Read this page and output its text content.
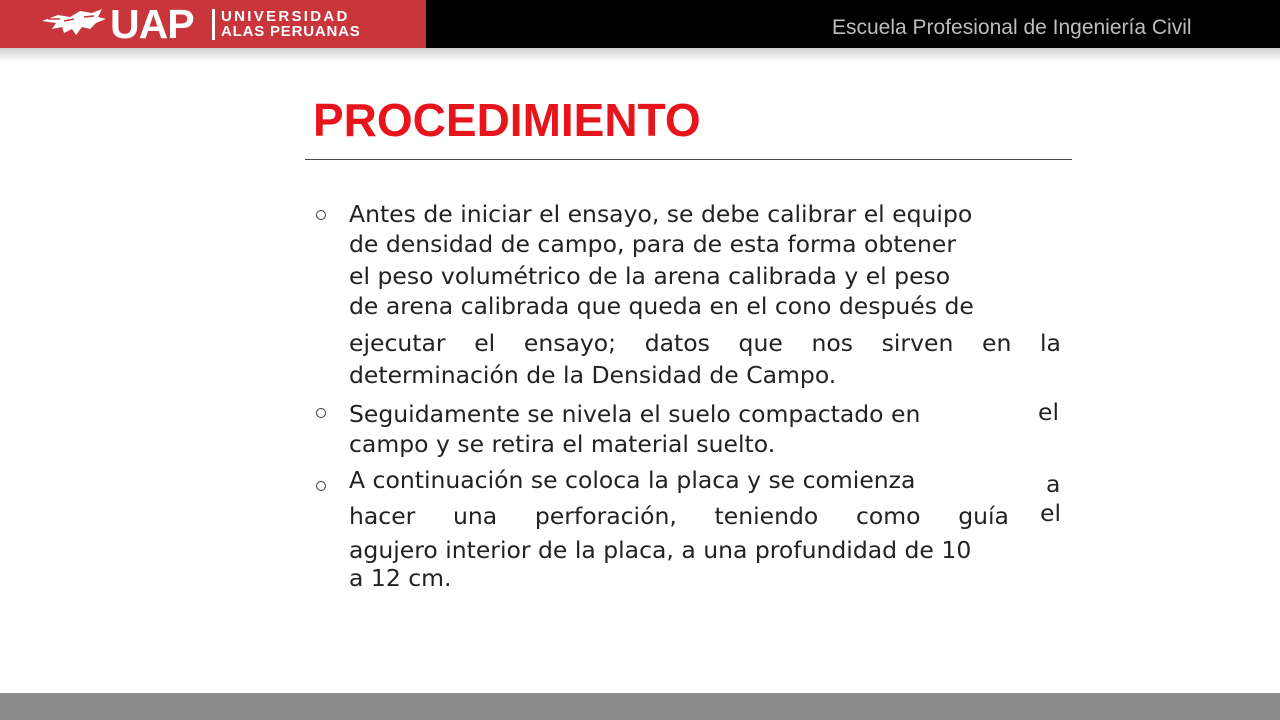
UAP UNIVERSIDAD
ALAS PERUANAS	Escuela Profesional de Ingeniería Civil
PROCEDIMIENTO
Antes de iniciar el ensayo, se debe calibrar el equipo
de densidad de campo, para de esta forma obtener
el peso volumétrico de la arena calibrada y el peso
de arena calibrada que queda en el cono después de
ejecutar el ensayo; datos que nos sirven en la
determinación de la Densidad de Campo.
Seguidamente se nivela el suelo compactado en	el
campo y se retira el material suelto.
A continuación se coloca la placa y se comienza	a
hacer una perforación, teniendo como guía el
agujero interior de la placa, a una profundidad de 10
a 12 cm.
